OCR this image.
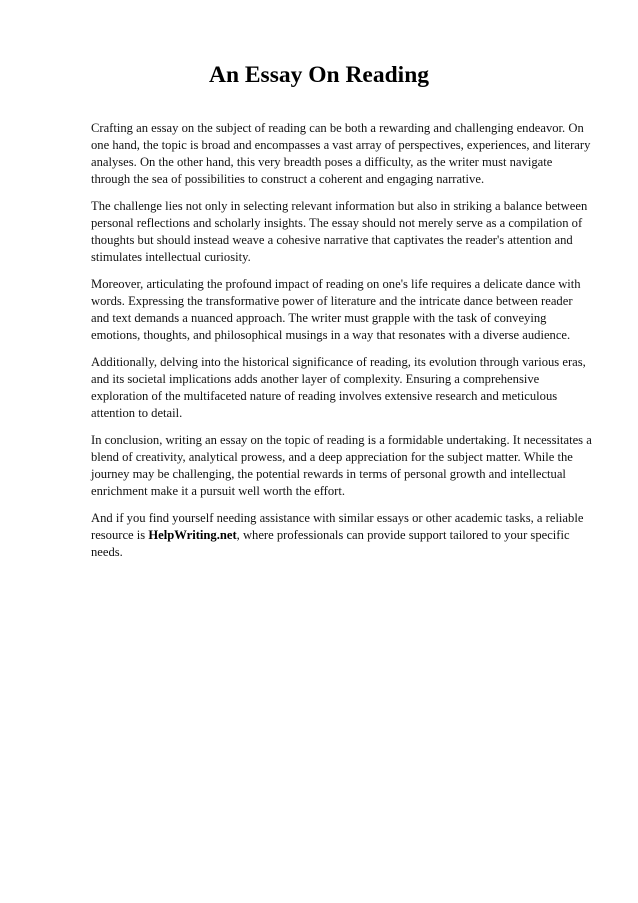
An Essay On Reading

Crafting an essay on the subject of reading can be both a rewarding and challenging endeavor. On one hand, the topic is broad and encompasses a vast array of perspectives, experiences, and literary analyses. On the other hand, this very breadth poses a difficulty, as the writer must navigate through the sea of possibilities to construct a coherent and engaging narrative.

The challenge lies not only in selecting relevant information but also in striking a balance between personal reflections and scholarly insights. The essay should not merely serve as a compilation of thoughts but should instead weave a cohesive narrative that captivates the reader's attention and stimulates intellectual curiosity.

Moreover, articulating the profound impact of reading on one's life requires a delicate dance with words. Expressing the transformative power of literature and the intricate dance between reader and text demands a nuanced approach. The writer must grapple with the task of conveying emotions, thoughts, and philosophical musings in a way that resonates with a diverse audience.

Additionally, delving into the historical significance of reading, its evolution through various eras, and its societal implications adds another layer of complexity. Ensuring a comprehensive exploration of the multifaceted nature of reading involves extensive research and meticulous attention to detail.

In conclusion, writing an essay on the topic of reading is a formidable undertaking. It necessitates a blend of creativity, analytical prowess, and a deep appreciation for the subject matter. While the journey may be challenging, the potential rewards in terms of personal growth and intellectual enrichment make it a pursuit well worth the effort.

And if you find yourself needing assistance with similar essays or other academic tasks, a reliable resource is HelpWriting.net, where professionals can provide support tailored to your specific needs.
